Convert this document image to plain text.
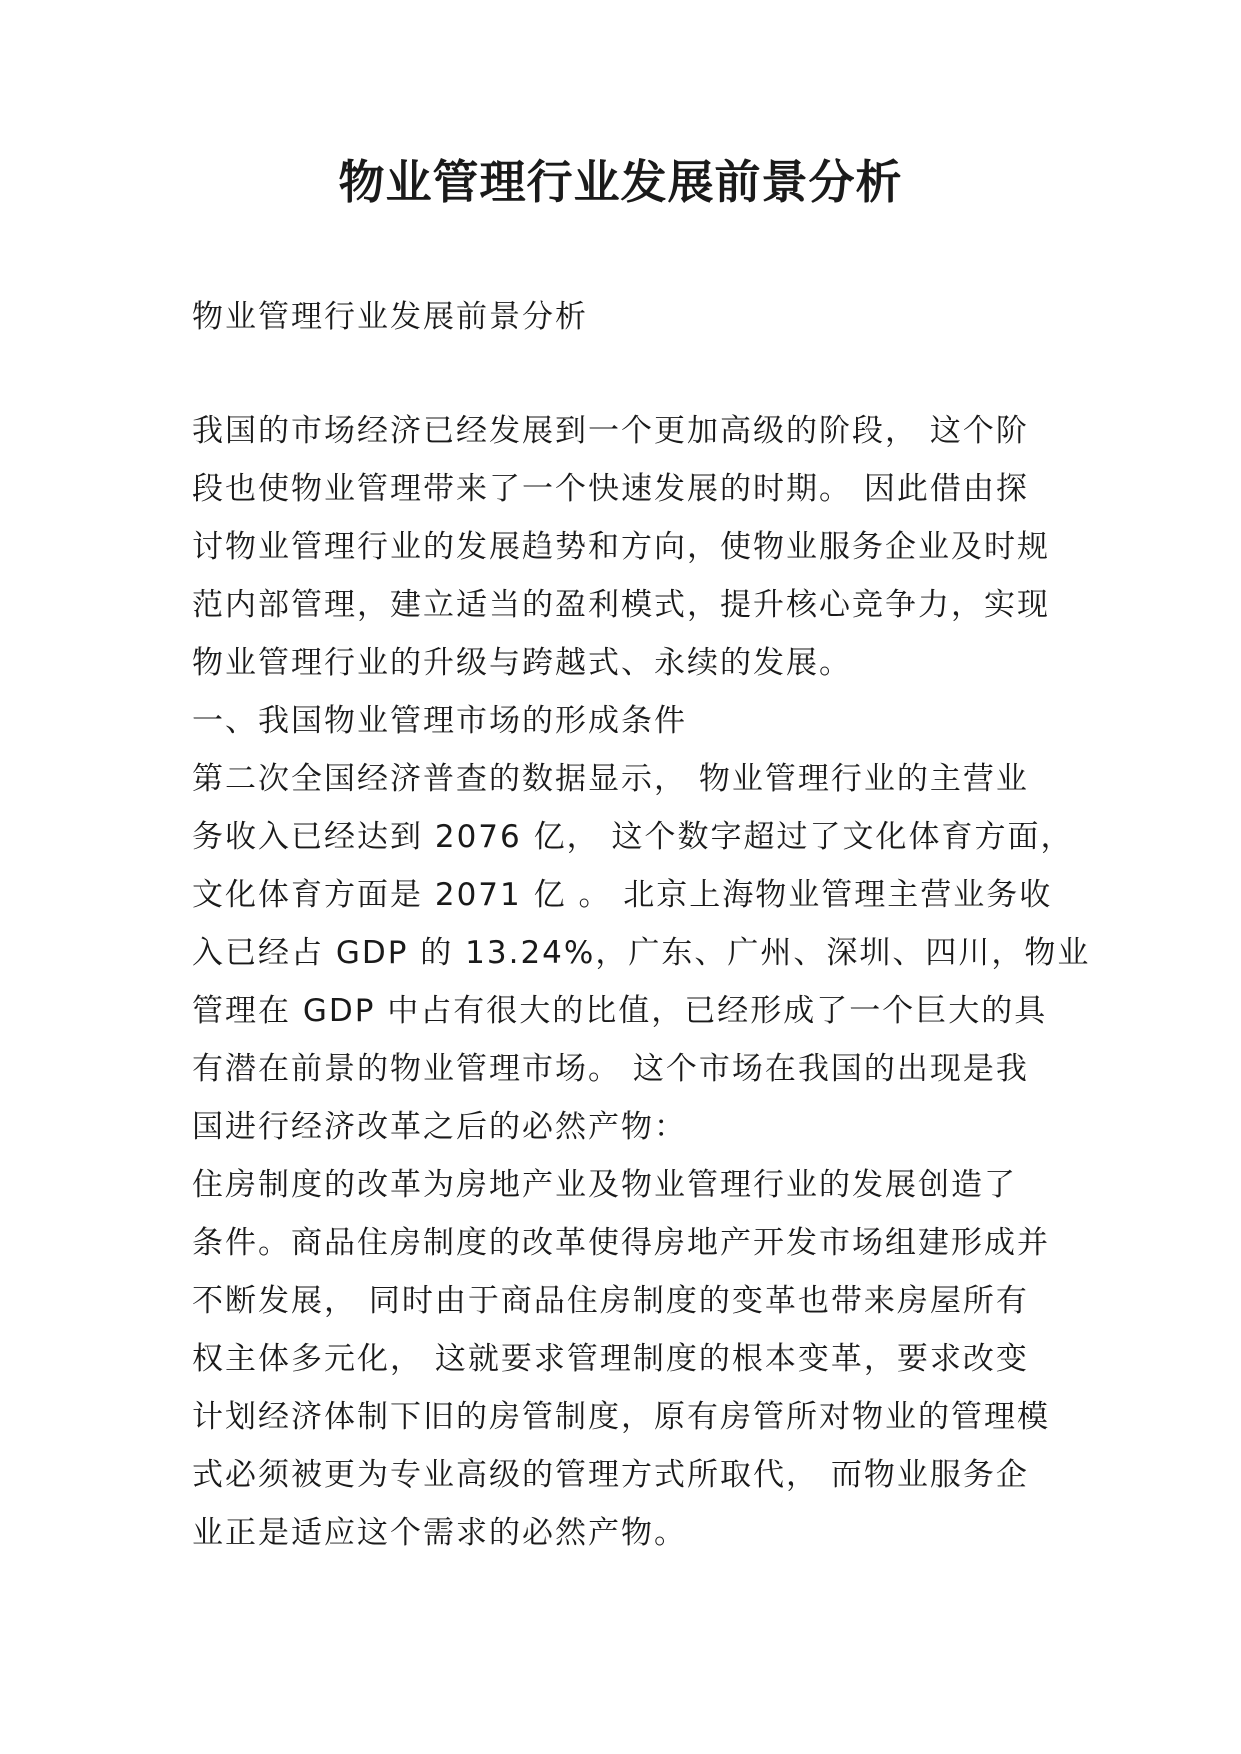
物业管理行业发展前景分析

物业管理行业发展前景分析

我国的市场经济已经发展到一个更加高级的阶段， 这个阶
段也使物业管理带来了一个快速发展的时期。 因此借由探
讨物业管理行业的发展趋势和方向，使物业服务企业及时规
范内部管理，建立适当的盈利模式，提升核心竞争力，实现
物业管理行业的升级与跨越式、永续的发展。
一、我国物业管理市场的形成条件
第二次全国经济普查的数据显示， 物业管理行业的主营业
务收入已经达到 2076 亿， 这个数字超过了文化体育方面，
文化体育方面是 2071 亿 。 北京上海物业管理主营业务收
入已经占 GDP 的 13.24%，广东、广州、深圳、四川，物业
管理在 GDP 中占有很大的比值，已经形成了一个巨大的具
有潜在前景的物业管理市场。 这个市场在我国的出现是我
国进行经济改革之后的必然产物：
住房制度的改革为房地产业及物业管理行业的发展创造了
条件。商品住房制度的改革使得房地产开发市场组建形成并
不断发展， 同时由于商品住房制度的变革也带来房屋所有
权主体多元化， 这就要求管理制度的根本变革，要求改变
计划经济体制下旧的房管制度，原有房管所对物业的管理模
式必须被更为专业高级的管理方式所取代， 而物业服务企
业正是适应这个需求的必然产物。
